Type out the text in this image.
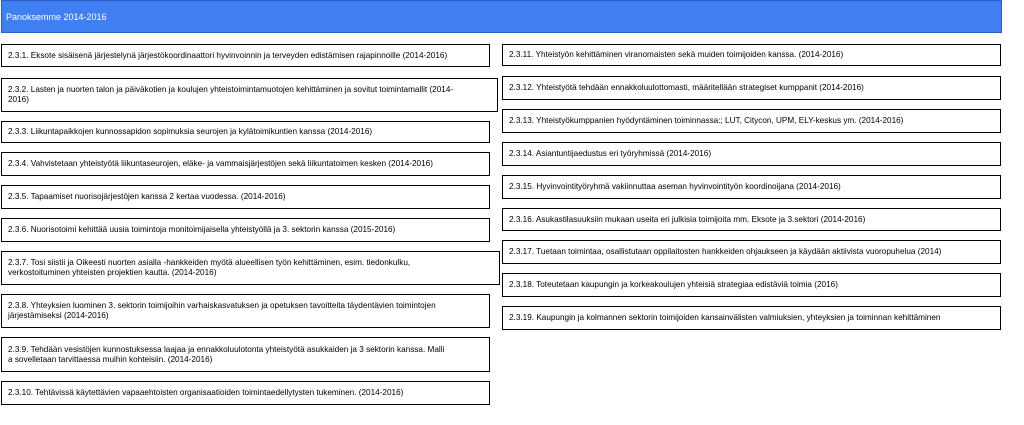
Panoksemme 2014-2016
2.3.1. Eksote sisäisenä järjestelynä järjestökoordinaattori hyvinvoinnin ja terveyden edistämisen rajapinnoille (2014-2016)
2.3.2. Lasten ja nuorten talon ja päiväkotien ja koulujen yhteistoimintamuotojen kehittäminen ja sovitut toimintamallit (2014-
2016)
2.3.3. Liikuntapaikkojen kunnossapidon sopimuksia seurojen ja kylätoimikuntien kanssa (2014-2016)
2.3.4. Vahvistetaan yhteistyötä liikuntaseurojen, eläke- ja vammaisjärjestöjen sekä liikuntatoimen kesken (2014-2016)
2.3.5. Tapaamiset nuorisojärjestöjen kanssa 2 kertaa vuodessa. (2014-2016)
2.3.6. Nuorisotoimi kehittää uusia toimintoja monitoimijaisella yhteistyöllä ja 3. sektorin kanssa (2015-2016)
2.3.7. Tosi siistii ja Oikeesti nuorten asialla -hankkeiden myötä alueellisen työn kehittäminen, esim. tiedonkulku,
verkostoituminen yhteisten projektien kautta. (2014-2016)
2.3.8. Yhteyksien luominen 3. sektorin toimijoihin varhaiskasvatuksen ja opetuksen tavoitteita täydentävien toimintojen
järjestämiseksi (2014-2016)
2.3.9. Tehdään vesistöjen kunnostuksessa laajaa ja ennakkoluulotonta yhteistyötä asukkaiden ja 3 sektorin kanssa. Malli
a sovelletaan tarvittaessa muihin kohteisiin. (2014-2016)
2.3.10. Tehtävissä käytettävien vapaaehtoisten organisaatioiden toimintaedellytysten tukeminen. (2014-2016)
2.3.11. Yhteistyön kehittäminen viranomaisten sekä muiden toimijoiden kanssa. (2014-2016)
2.3.12. Yhteistyötä tehdään ennakkoluulottomasti, määritellään strategiset kumppanit (2014-2016)
2.3.13. Yhteistyökumppanien hyödyntäminen toiminnassa:; LUT, Citycon, UPM, ELY-keskus ym. (2014-2016)
2.3.14. Asiantuntijaedustus eri työryhmissä (2014-2016)
2.3.15. Hyvinvointityöryhmä vakiinnuttaa aseman hyvinvointityön koordinoijana (2014-2016)
2.3.16. Asukastilasuuksiin mukaan useita eri julkisia toimijoita mm. Eksote ja 3.sektori (2014-2016)
2.3.17. Tuetaan toimintaa, osallistutaan oppilaitosten hankkeiden ohjaukseen ja käydään aktiivista vuoropuhelua (2014)
2.3.18. Toteutetaan kaupungin ja korkeakoulujen yhteisiä strategiaa edistäviä toimia (2016)
2.3.19. Kaupungin ja kolmannen sektorin toimijoiden kansainvälisten valmiuksien, yhteyksien ja toiminnan kehittäminen
